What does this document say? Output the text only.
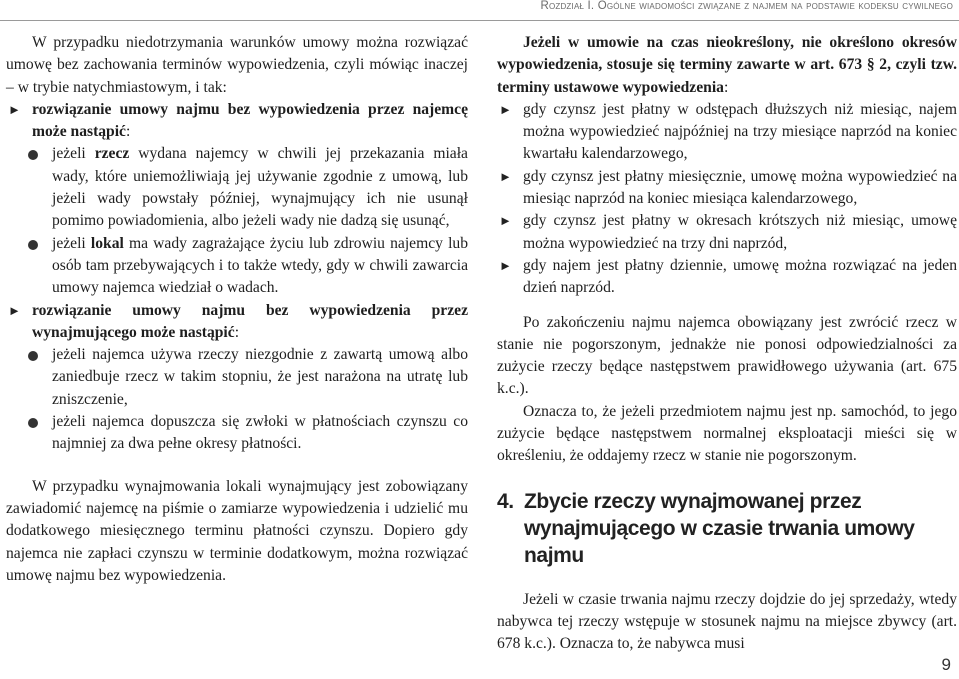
Rozdział I. Ogólne wiadomości związane z najmem na podstawie kodeksu cywilnego

W przypadku niedotrzymania warunków umowy można rozwiązać umowę bez zachowania terminów wypowiedzenia, czyli mówiąc inaczej – w trybie natychmiastowym, i tak:

► rozwiązanie umowy najmu bez wypowiedzenia przez najemcę może nastąpić:
jeżeli rzecz wydana najemcy w chwili jej przekazania miała wady, które uniemożliwiają jej używanie zgodnie z umową, lub jeżeli wady powstały później, wynajmujący ich nie usunął pomimo powiadomienia, albo jeżeli wady nie dadzą się usunąć,
jeżeli lokal ma wady zagrażające życiu lub zdrowiu najemcy lub osób tam przebywających i to także wtedy, gdy w chwili zawarcia umowy najemca wiedział o wadach.
► rozwiązanie umowy najmu bez wypowiedzenia przez wynajmującego może nastąpić:
jeżeli najemca używa rzeczy niezgodnie z zawartą umową albo zaniedbuje rzecz w takim stopniu, że jest narażona na utratę lub zniszczenie,
jeżeli najemca dopuszcza się zwłoki w płatnościach czynszu co najmniej za dwa pełne okresy płatności.

W przypadku wynajmowania lokali wynajmujący jest zobowiązany zawiadomić najemcę na piśmie o zamiarze wypowiedzenia i udzielić mu dodatkowego miesięcznego terminu płatności czynszu. Dopiero gdy najemca nie zapłaci czynszu w terminie dodatkowym, można rozwiązać umowę najmu bez wypowiedzenia.

Jeżeli w umowie na czas nieokreślony, nie określono okresów wypowiedzenia, stosuje się terminy zawarte w art. 673 § 2, czyli tzw. terminy ustawowe wypowiedzenia:

► gdy czynsz jest płatny w odstępach dłuższych niż miesiąc, najem można wypowiedzieć najpóźniej na trzy miesiące naprzód na koniec kwartału kalendarzowego,
► gdy czynsz jest płatny miesięcznie, umowę można wypowiedzieć na miesiąc naprzód na koniec miesiąca kalendarzowego,
► gdy czynsz jest płatny w okresach krótszych niż miesiąc, umowę można wypowiedzieć na trzy dni naprzód,
► gdy najem jest płatny dziennie, umowę można rozwiązać na jeden dzień naprzód.

Po zakończeniu najmu najemca obowiązany jest zwrócić rzecz w stanie nie pogorszonym, jednakże nie ponosi odpowiedzialności za zużycie rzeczy będące następstwem prawidłowego używania (art. 675 k.c.).

Oznacza to, że jeżeli przedmiotem najmu jest np. samochód, to jego zużycie będące następstwem normalnej eksploatacji mieści się w określeniu, że oddajemy rzecz w stanie nie pogorszonym.

4. Zbycie rzeczy wynajmowanej przez wynajmującego w czasie trwania umowy najmu

Jeżeli w czasie trwania najmu rzeczy dojdzie do jej sprzedaży, wtedy nabywca tej rzeczy wstępuje w stosunek najmu na miejsce zbywcy (art. 678 k.c.). Oznacza to, że nabywca musi

9
